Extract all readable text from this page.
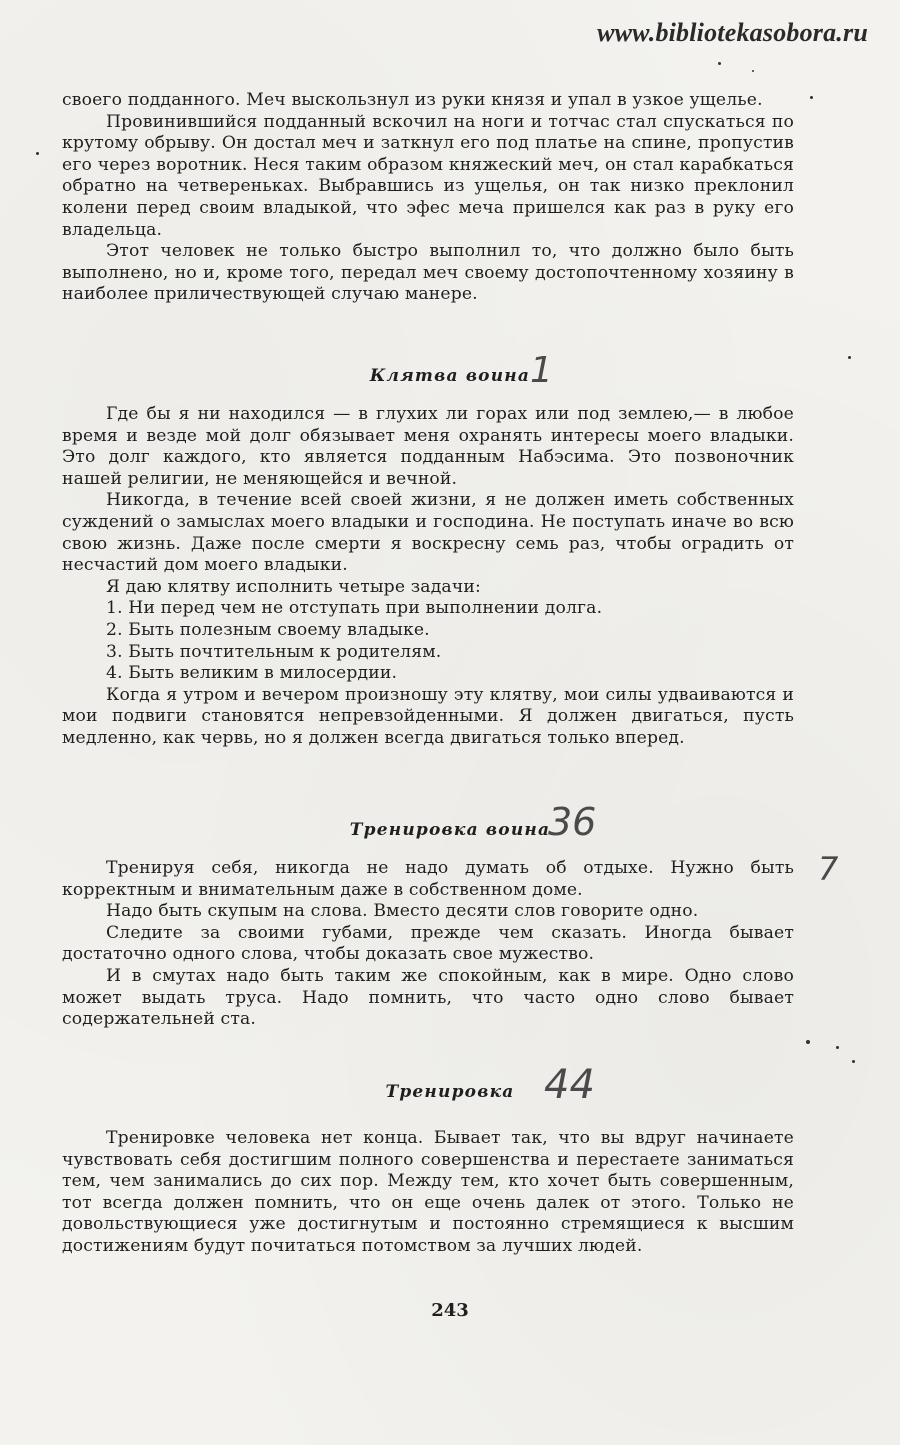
www.bibliotekasobora.ru

своего подданного. Меч выскользнул из руки князя и упал в узкое ущелье.

Провинившийся подданный вскочил на ноги и тотчас стал спускаться по крутому обрыву. Он достал меч и заткнул его под платье на спине, пропустив его через воротник. Неся таким образом княжеский меч, он стал карабкаться обратно на четвереньках. Выбравшись из ущелья, он так низко преклонил колени перед своим владыкой, что эфес меча пришелся как раз в руку его владельца.

Этот человек не только быстро выполнил то, что должно было быть выполнено, но и, кроме того, передал меч своему достопочтенному хозяину в наиболее приличествующей случаю манере.

Клятва воина 1

Где бы я ни находился — в глухих ли горах или под землею,— в любое время и везде мой долг обязывает меня охранять интересы моего владыки. Это долг каждого, кто является подданным Набэсима. Это позвоночник нашей религии, не меняющейся и вечной.

Никогда, в течение всей своей жизни, я не должен иметь собственных суждений о замыслах моего владыки и господина. Не поступать иначе во всю свою жизнь. Даже после смерти я воскресну семь раз, чтобы оградить от несчастий дом моего владыки.

Я даю клятву исполнить четыре задачи:

1. Ни перед чем не отступать при выполнении долга.

2. Быть полезным своему владыке.

3. Быть почтительным к родителям.

4. Быть великим в милосердии.

Когда я утром и вечером произношу эту клятву, мои силы удваиваются и мои подвиги становятся непревзойденными. Я должен двигаться, пусть медленно, как червь, но я должен всегда двигаться только вперед.

Тренировка воина
36
7

Тренируя себя, никогда не надо думать об отдыхе. Нужно быть корректным и внимательным даже в собственном доме.

Надо быть скупым на слова. Вместо десяти слов говорите одно.

Следите за своими губами, прежде чем сказать. Иногда бывает достаточно одного слова, чтобы доказать свое мужество.

И в смутах надо быть таким же спокойным, как в мире. Одно слово может выдать труса. Надо помнить, что часто одно слово бывает содержательней ста.

Тренировка 44

Тренировке человека нет конца. Бывает так, что вы вдруг начинаете чувствовать себя достигшим полного совершенства и перестаете заниматься тем, чем занимались до сих пор. Между тем, кто хочет быть совершенным, тот всегда должен помнить, что он еще очень далек от этого. Только не довольствующиеся уже достигнутым и постоянно стремящиеся к высшим достижениям будут почитаться потомством за лучших людей.

243
